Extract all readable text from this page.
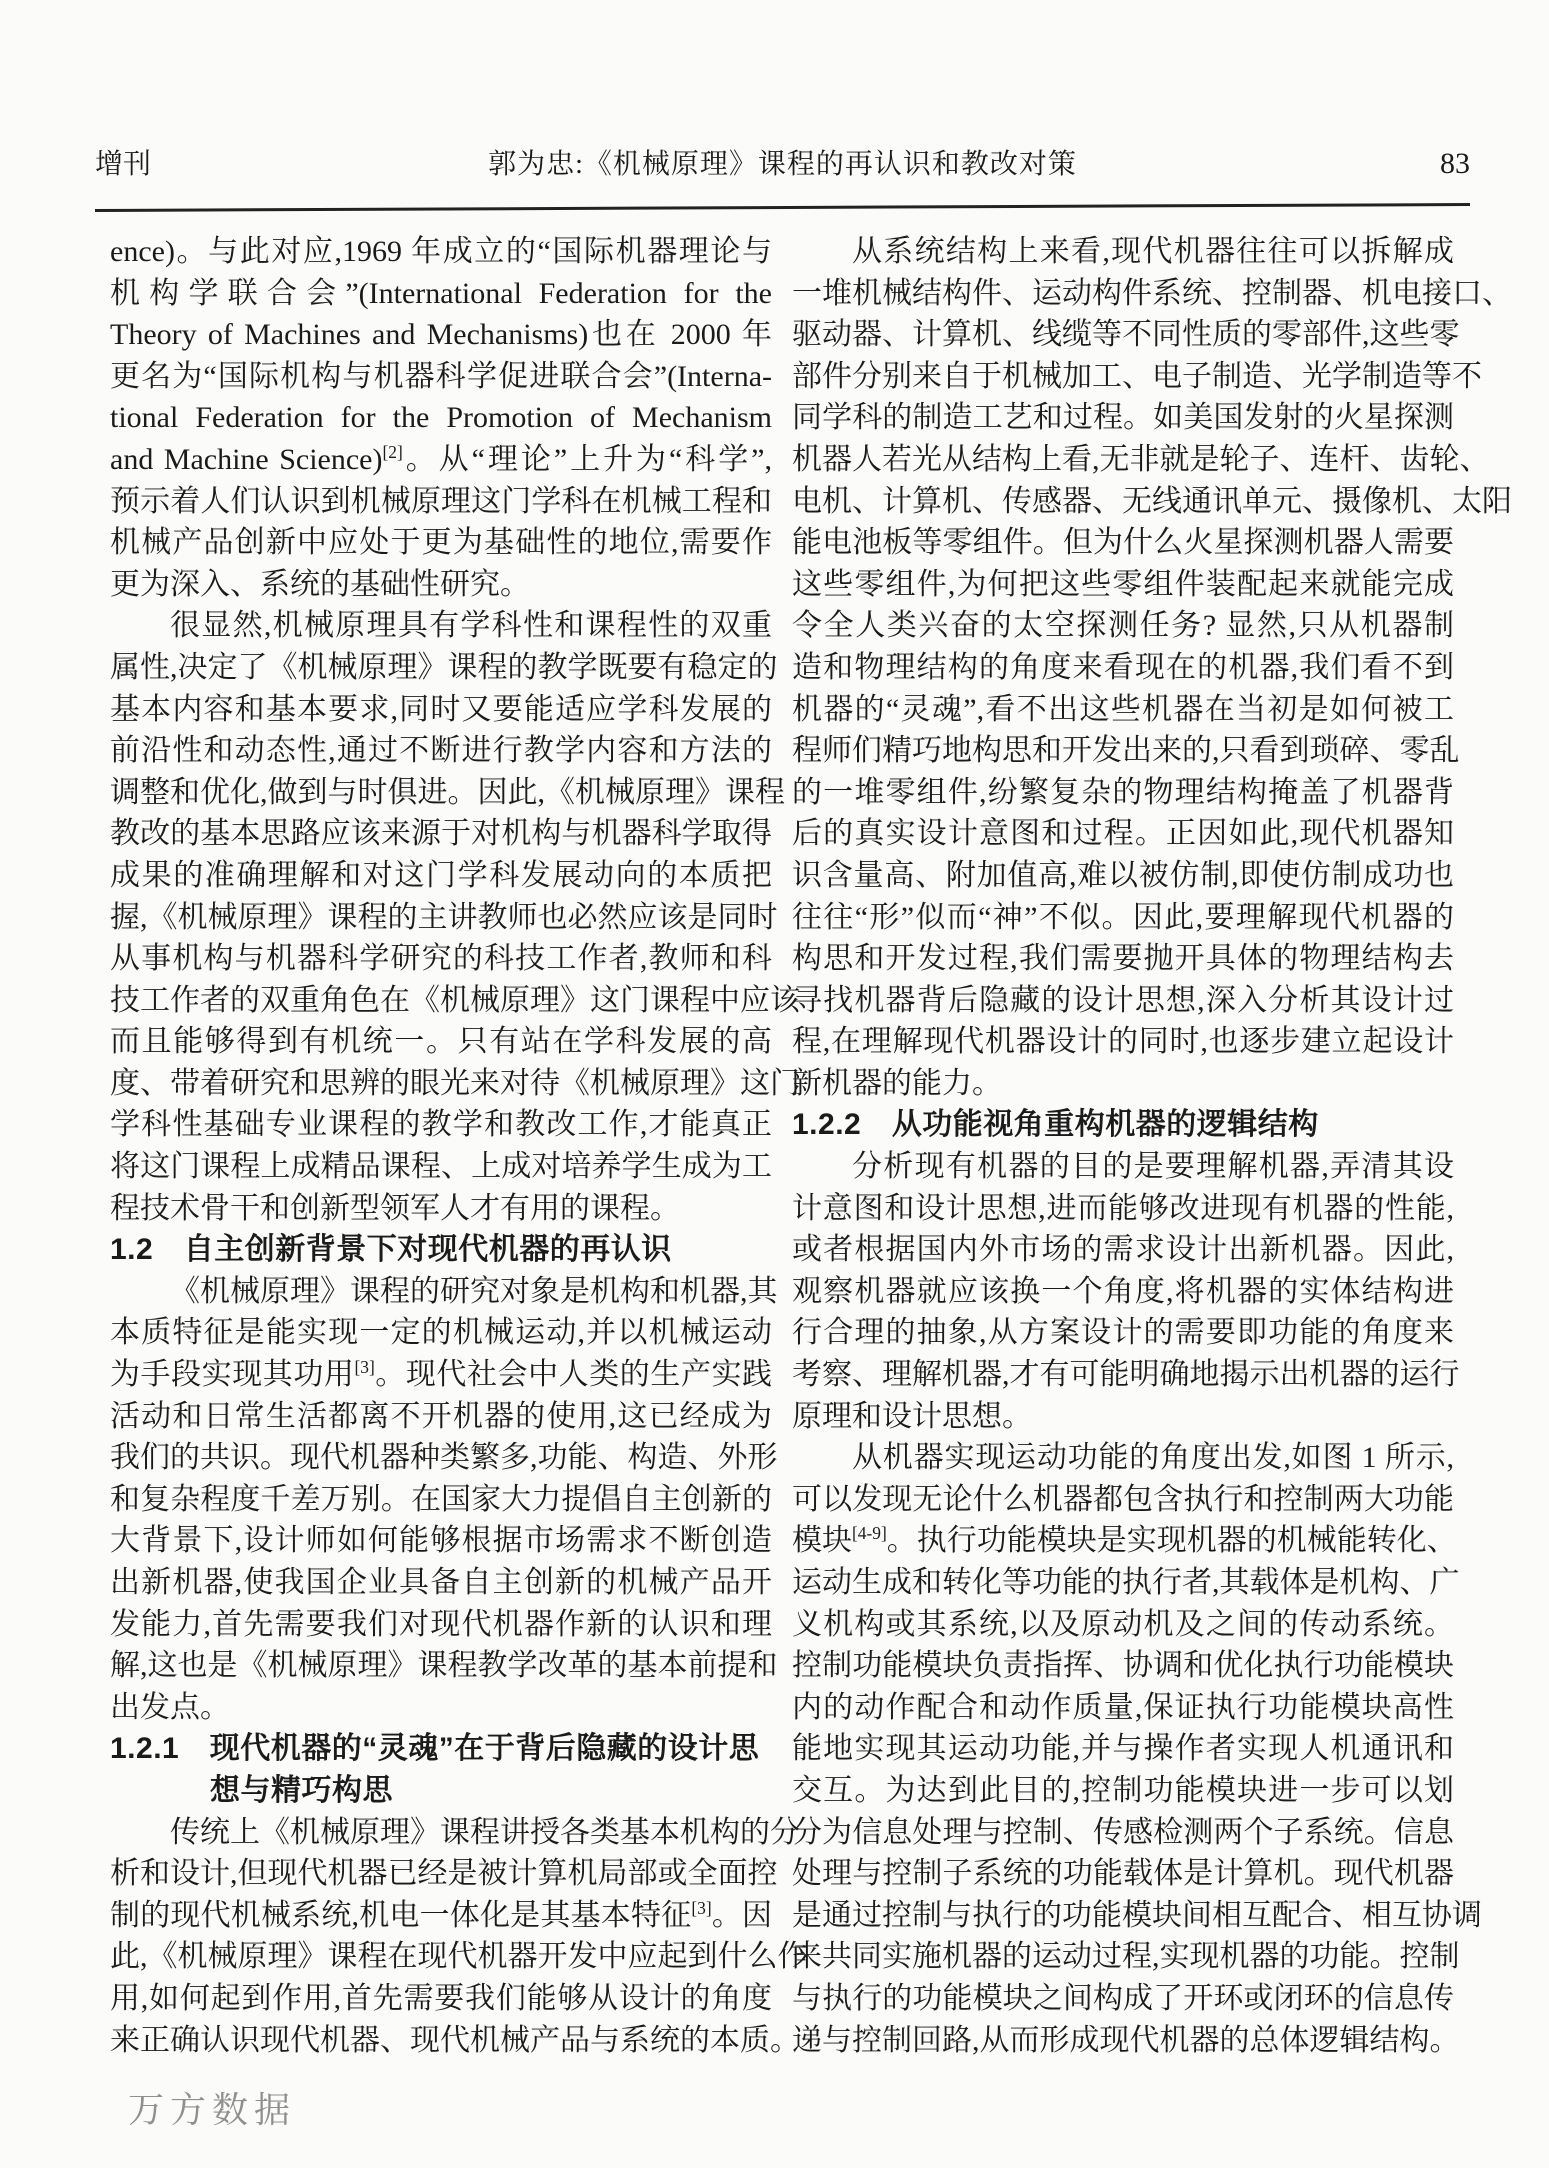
增刊	郭为忠:《机械原理》课程的再认识和教改对策	83
ence)。与此对应,1969 年成立的“国际机器理论与
机构学联合会”(International Federation for the
Theory of Machines and Mechanisms)也在 2000 年
更名为“国际机构与机器科学促进联合会”(Interna-
tional Federation for the Promotion of Mechanism
and Machine Science)[2]。从“理论”上升为“科学”,
预示着人们认识到机械原理这门学科在机械工程和
机械产品创新中应处于更为基础性的地位,需要作
更为深入、系统的基础性研究。
很显然,机械原理具有学科性和课程性的双重
属性,决定了《机械原理》课程的教学既要有稳定的
基本内容和基本要求,同时又要能适应学科发展的
前沿性和动态性,通过不断进行教学内容和方法的
调整和优化,做到与时俱进。因此,《机械原理》课程
教改的基本思路应该来源于对机构与机器科学取得
成果的准确理解和对这门学科发展动向的本质把
握,《机械原理》课程的主讲教师也必然应该是同时
从事机构与机器科学研究的科技工作者,教师和科
技工作者的双重角色在《机械原理》这门课程中应该
而且能够得到有机统一。只有站在学科发展的高
度、带着研究和思辨的眼光来对待《机械原理》这门
学科性基础专业课程的教学和教改工作,才能真正
将这门课程上成精品课程、上成对培养学生成为工
程技术骨干和创新型领军人才有用的课程。
1.2　自主创新背景下对现代机器的再认识
《机械原理》课程的研究对象是机构和机器,其
本质特征是能实现一定的机械运动,并以机械运动
为手段实现其功用[3]。现代社会中人类的生产实践
活动和日常生活都离不开机器的使用,这已经成为
我们的共识。现代机器种类繁多,功能、构造、外形
和复杂程度千差万别。在国家大力提倡自主创新的
大背景下,设计师如何能够根据市场需求不断创造
出新机器,使我国企业具备自主创新的机械产品开
发能力,首先需要我们对现代机器作新的认识和理
解,这也是《机械原理》课程教学改革的基本前提和
出发点。
1.2.1　现代机器的“灵魂”在于背后隐藏的设计思
想与精巧构思
传统上《机械原理》课程讲授各类基本机构的分
析和设计,但现代机器已经是被计算机局部或全面控
制的现代机械系统,机电一体化是其基本特征[3]。因
此,《机械原理》课程在现代机器开发中应起到什么作
用,如何起到作用,首先需要我们能够从设计的角度
来正确认识现代机器、现代机械产品与系统的本质。
从系统结构上来看,现代机器往往可以拆解成
一堆机械结构件、运动构件系统、控制器、机电接口、
驱动器、计算机、线缆等不同性质的零部件,这些零
部件分别来自于机械加工、电子制造、光学制造等不
同学科的制造工艺和过程。如美国发射的火星探测
机器人若光从结构上看,无非就是轮子、连杆、齿轮、
电机、计算机、传感器、无线通讯单元、摄像机、太阳
能电池板等零组件。但为什么火星探测机器人需要
这些零组件,为何把这些零组件装配起来就能完成
令全人类兴奋的太空探测任务? 显然,只从机器制
造和物理结构的角度来看现在的机器,我们看不到
机器的“灵魂”,看不出这些机器在当初是如何被工
程师们精巧地构思和开发出来的,只看到琐碎、零乱
的一堆零组件,纷繁复杂的物理结构掩盖了机器背
后的真实设计意图和过程。正因如此,现代机器知
识含量高、附加值高,难以被仿制,即使仿制成功也
往往“形”似而“神”不似。因此,要理解现代机器的
构思和开发过程,我们需要抛开具体的物理结构去
寻找机器背后隐藏的设计思想,深入分析其设计过
程,在理解现代机器设计的同时,也逐步建立起设计
新机器的能力。
1.2.2　从功能视角重构机器的逻辑结构
分析现有机器的目的是要理解机器,弄清其设
计意图和设计思想,进而能够改进现有机器的性能,
或者根据国内外市场的需求设计出新机器。因此,
观察机器就应该换一个角度,将机器的实体结构进
行合理的抽象,从方案设计的需要即功能的角度来
考察、理解机器,才有可能明确地揭示出机器的运行
原理和设计思想。
从机器实现运动功能的角度出发,如图 1 所示,
可以发现无论什么机器都包含执行和控制两大功能
模块[4-9]。执行功能模块是实现机器的机械能转化、
运动生成和转化等功能的执行者,其载体是机构、广
义机构或其系统,以及原动机及之间的传动系统。
控制功能模块负责指挥、协调和优化执行功能模块
内的动作配合和动作质量,保证执行功能模块高性
能地实现其运动功能,并与操作者实现人机通讯和
交互。为达到此目的,控制功能模块进一步可以划
分为信息处理与控制、传感检测两个子系统。信息
处理与控制子系统的功能载体是计算机。现代机器
是通过控制与执行的功能模块间相互配合、相互协调
来共同实施机器的运动过程,实现机器的功能。控制
与执行的功能模块之间构成了开环或闭环的信息传
递与控制回路,从而形成现代机器的总体逻辑结构。
万方数据
